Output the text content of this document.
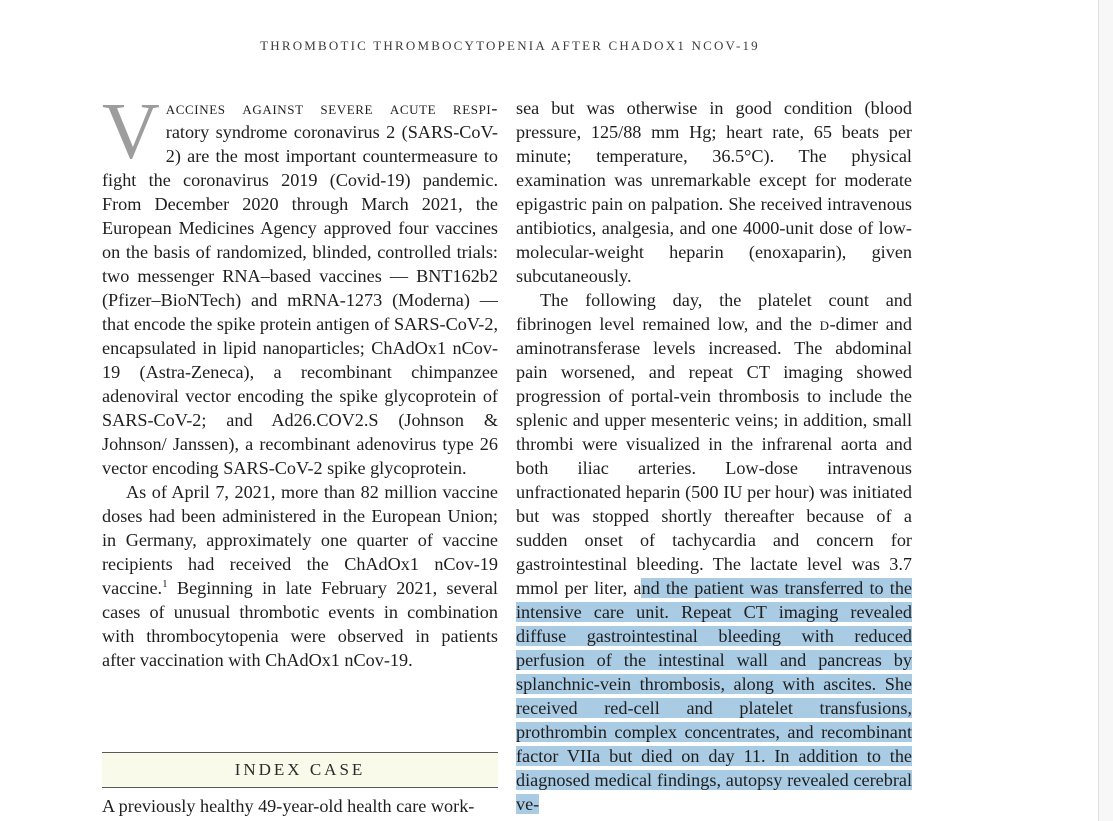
THROMBOTIC THROMBOCYTOPENIA AFTER CHADOX1 NCOV-19

Vaccines against severe acute respi- ratory syndrome coronavirus 2 (SARS-CoV-2) are the most important countermeasure to fight the coronavirus 2019 (Covid-19) pandemic. From December 2020 through March 2021, the European Medicines Agency approved four vaccines on the basis of randomized, blinded, controlled trials: two messenger RNA–based vaccines — BNT162b2 (Pfizer–BioNTech) and mRNA-1273 (Moderna) — that encode the spike protein antigen of SARS-CoV-2, encapsulated in lipid nanoparticles; ChAdOx1 nCov-19 (Astra-Zeneca), a recombinant chimpanzee adenoviral vector encoding the spike glycoprotein of SARS-CoV-2; and Ad26.COV2.S (Johnson & Johnson/ Janssen), a recombinant adenovirus type 26 vector encoding SARS-CoV-2 spike glycoprotein.

As of April 7, 2021, more than 82 million vaccine doses had been administered in the European Union; in Germany, approximately one quarter of vaccine recipients had received the ChAdOx1 nCov-19 vaccine.$^1$ Beginning in late February 2021, several cases of unusual thrombotic events in combination with thrombocytopenia were observed in patients after vaccination with ChAdOx1 nCov-19.

INDEX CASE
A previously healthy 49-year-old health care work-

sea but was otherwise in good condition (blood pressure, 125/88 mm Hg; heart rate, 65 beats per minute; temperature, 36.5°C). The physical examination was unremarkable except for moderate epigastric pain on palpation. She received intravenous antibiotics, analgesia, and one 4000-unit dose of low-molecular-weight heparin (enoxaparin), given subcutaneously.

The following day, the platelet count and fibrinogen level remained low, and the d-dimer and aminotransferase levels increased. The abdominal pain worsened, and repeat CT imaging showed progression of portal-vein thrombosis to include the splenic and upper mesenteric veins; in addition, small thrombi were visualized in the infrarenal aorta and both iliac arteries. Low-dose intravenous unfractionated heparin (500 IU per hour) was initiated but was stopped shortly thereafter because of a sudden onset of tachycardia and concern for gastrointestinal bleeding. The lactate level was 3.7 mmol per liter, and the patient was transferred to the intensive care unit. Repeat CT imaging revealed diffuse gastrointestinal bleeding with reduced perfusion of the intestinal wall and pancreas by splanchnic-vein thrombosis, along with ascites. She received red-cell and platelet transfusions, prothrombin complex concentrates, and recombinant factor VIIa but died on day 11. In addition to the diagnosed medical findings, autopsy revealed cerebral ve-
